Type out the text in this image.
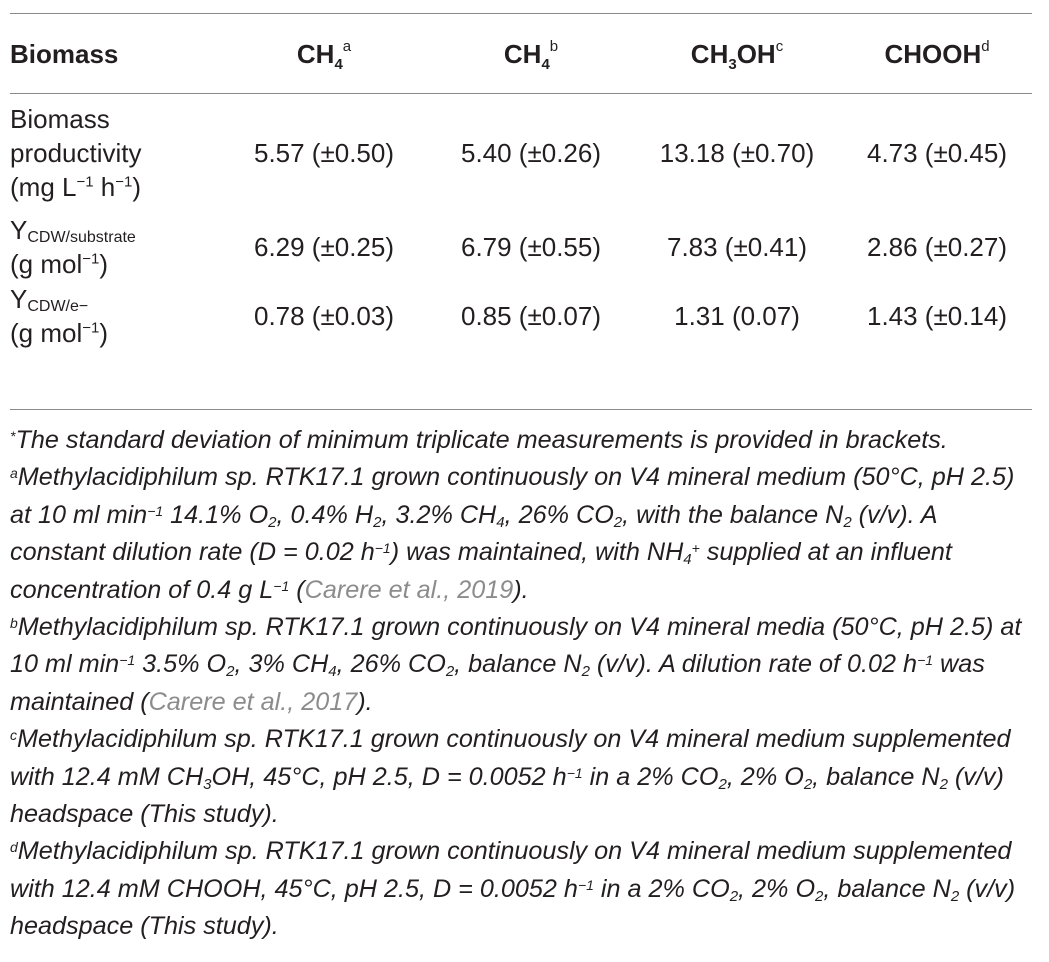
Biomass	$CH_4^a$	$CH_4^b$	$CH_3OH^c$	CHOOH$^d$
Biomass
productivity
(mg $L^{-1}$ $h^{-1}$)	5.57 (±0.50)	5.40 (±0.26)	13.18 (±0.70)	4.73 (±0.45)
YCDW/substrate
(g mol$^{-1}$)	6.29 (±0.25)	6.79 (±0.55)	7.83 (±0.41)	2.86 (±0.27)
YCDW/e−
(g mol$^{-1}$)	0.78 (±0.03)	0.85 (±0.07)	1.31 (0.07)	1.43 (±0.14)

*The standard deviation of minimum triplicate measurements is provided in brackets.

$^a$Methylacidiphilum sp. RTK17.1 grown continuously on V4 mineral medium (50°C, pH 2.5) at 10 ml $\min^{-1} 14.1\%$ $O_2$, 0.4% $H_2$, 3.2% $CH_4$, 26% $CO_2$, with the balance $N_2$ (v/v). A constant dilution rate (D = 0.02 $h^{-1}$) was maintained, with $NH_4^+$ supplied at an influent concentration of 0.4 g $L^{-1}$ (Carere et al., 2019).

$^b$Methylacidiphilum sp. RTK17.1 grown continuously on V4 mineral media (50°C, pH 2.5) at 10 ml $\min^{-1} 3.5\%$ $O_2$, 3% $CH_4$, 26% $CO_2$, balance $N_2$ (v/v). A dilution rate of 0.02 $h^{-1}$ was maintained (Carere et al., 2017).

$^c$Methylacidiphilum sp. RTK17.1 grown continuously on V4 mineral medium supplemented with 12.4 mM $CH_3OH$, 45°C, pH 2.5, D = 0.0052 $h^{-1}$ in a 2% $CO_2$, 2% $O_2$, balance $N_2$ (v/v) headspace (This study).

$^d$Methylacidiphilum sp. RTK17.1 grown continuously on V4 mineral medium supplemented with 12.4 mM CHOOH, 45°C, pH 2.5, D = 0.0052 $h^{-1}$ in a 2% $CO_2$, 2% $O_2$, balance $N_2$ (v/v) headspace (This study).
